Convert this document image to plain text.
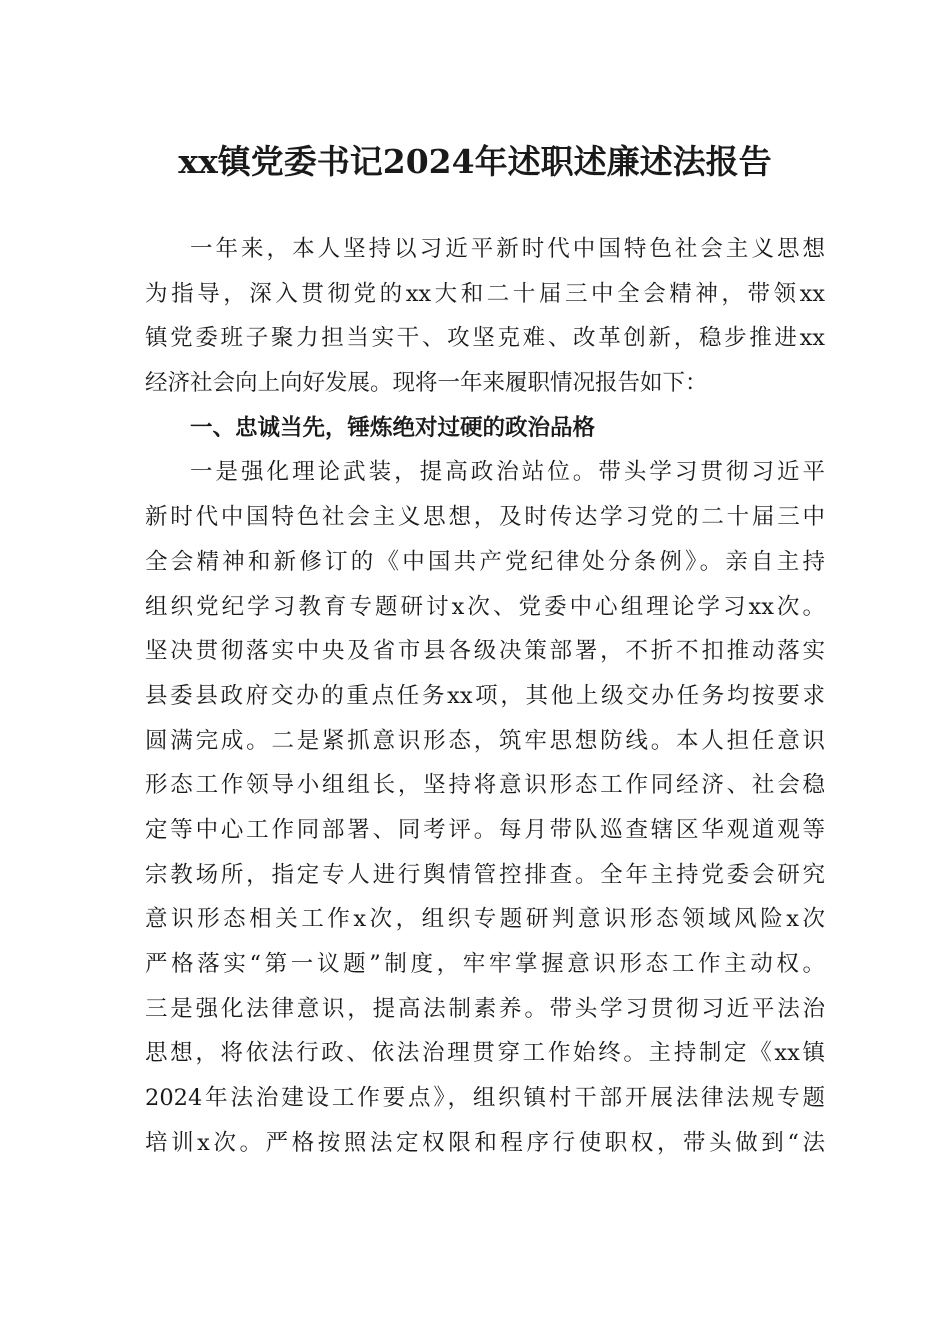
xx镇党委书记2024年述职述廉述法报告
一年来，本人坚持以习近平新时代中国特色社会主义思想
为指导，深入贯彻党的xx大和二十届三中全会精神，带领xx
镇党委班子聚力担当实干、攻坚克难、改革创新，稳步推进xx
经济社会向上向好发展。现将一年来履职情况报告如下：
一、忠诚当先，锤炼绝对过硬的政治品格
一是强化理论武装，提高政治站位。带头学习贯彻习近平
新时代中国特色社会主义思想，及时传达学习党的二十届三中
全会精神和新修订的《中国共产党纪律处分条例》。亲自主持
组织党纪学习教育专题研讨x次、党委中心组理论学习xx次。
坚决贯彻落实中央及省市县各级决策部署，不折不扣推动落实
县委县政府交办的重点任务xx项，其他上级交办任务均按要求
圆满完成。二是紧抓意识形态，筑牢思想防线。本人担任意识
形态工作领导小组组长，坚持将意识形态工作同经济、社会稳
定等中心工作同部署、同考评。每月带队巡查辖区华观道观等
宗教场所，指定专人进行舆情管控排查。全年主持党委会研究
意识形态相关工作x次，组织专题研判意识形态领域风险x次
严格落实“第一议题”制度，牢牢掌握意识形态工作主动权。
三是强化法律意识，提高法制素养。带头学习贯彻习近平法治
思想，将依法行政、依法治理贯穿工作始终。主持制定《xx镇
2024年法治建设工作要点》，组织镇村干部开展法律法规专题
培训x次。严格按照法定权限和程序行使职权，带头做到“法
